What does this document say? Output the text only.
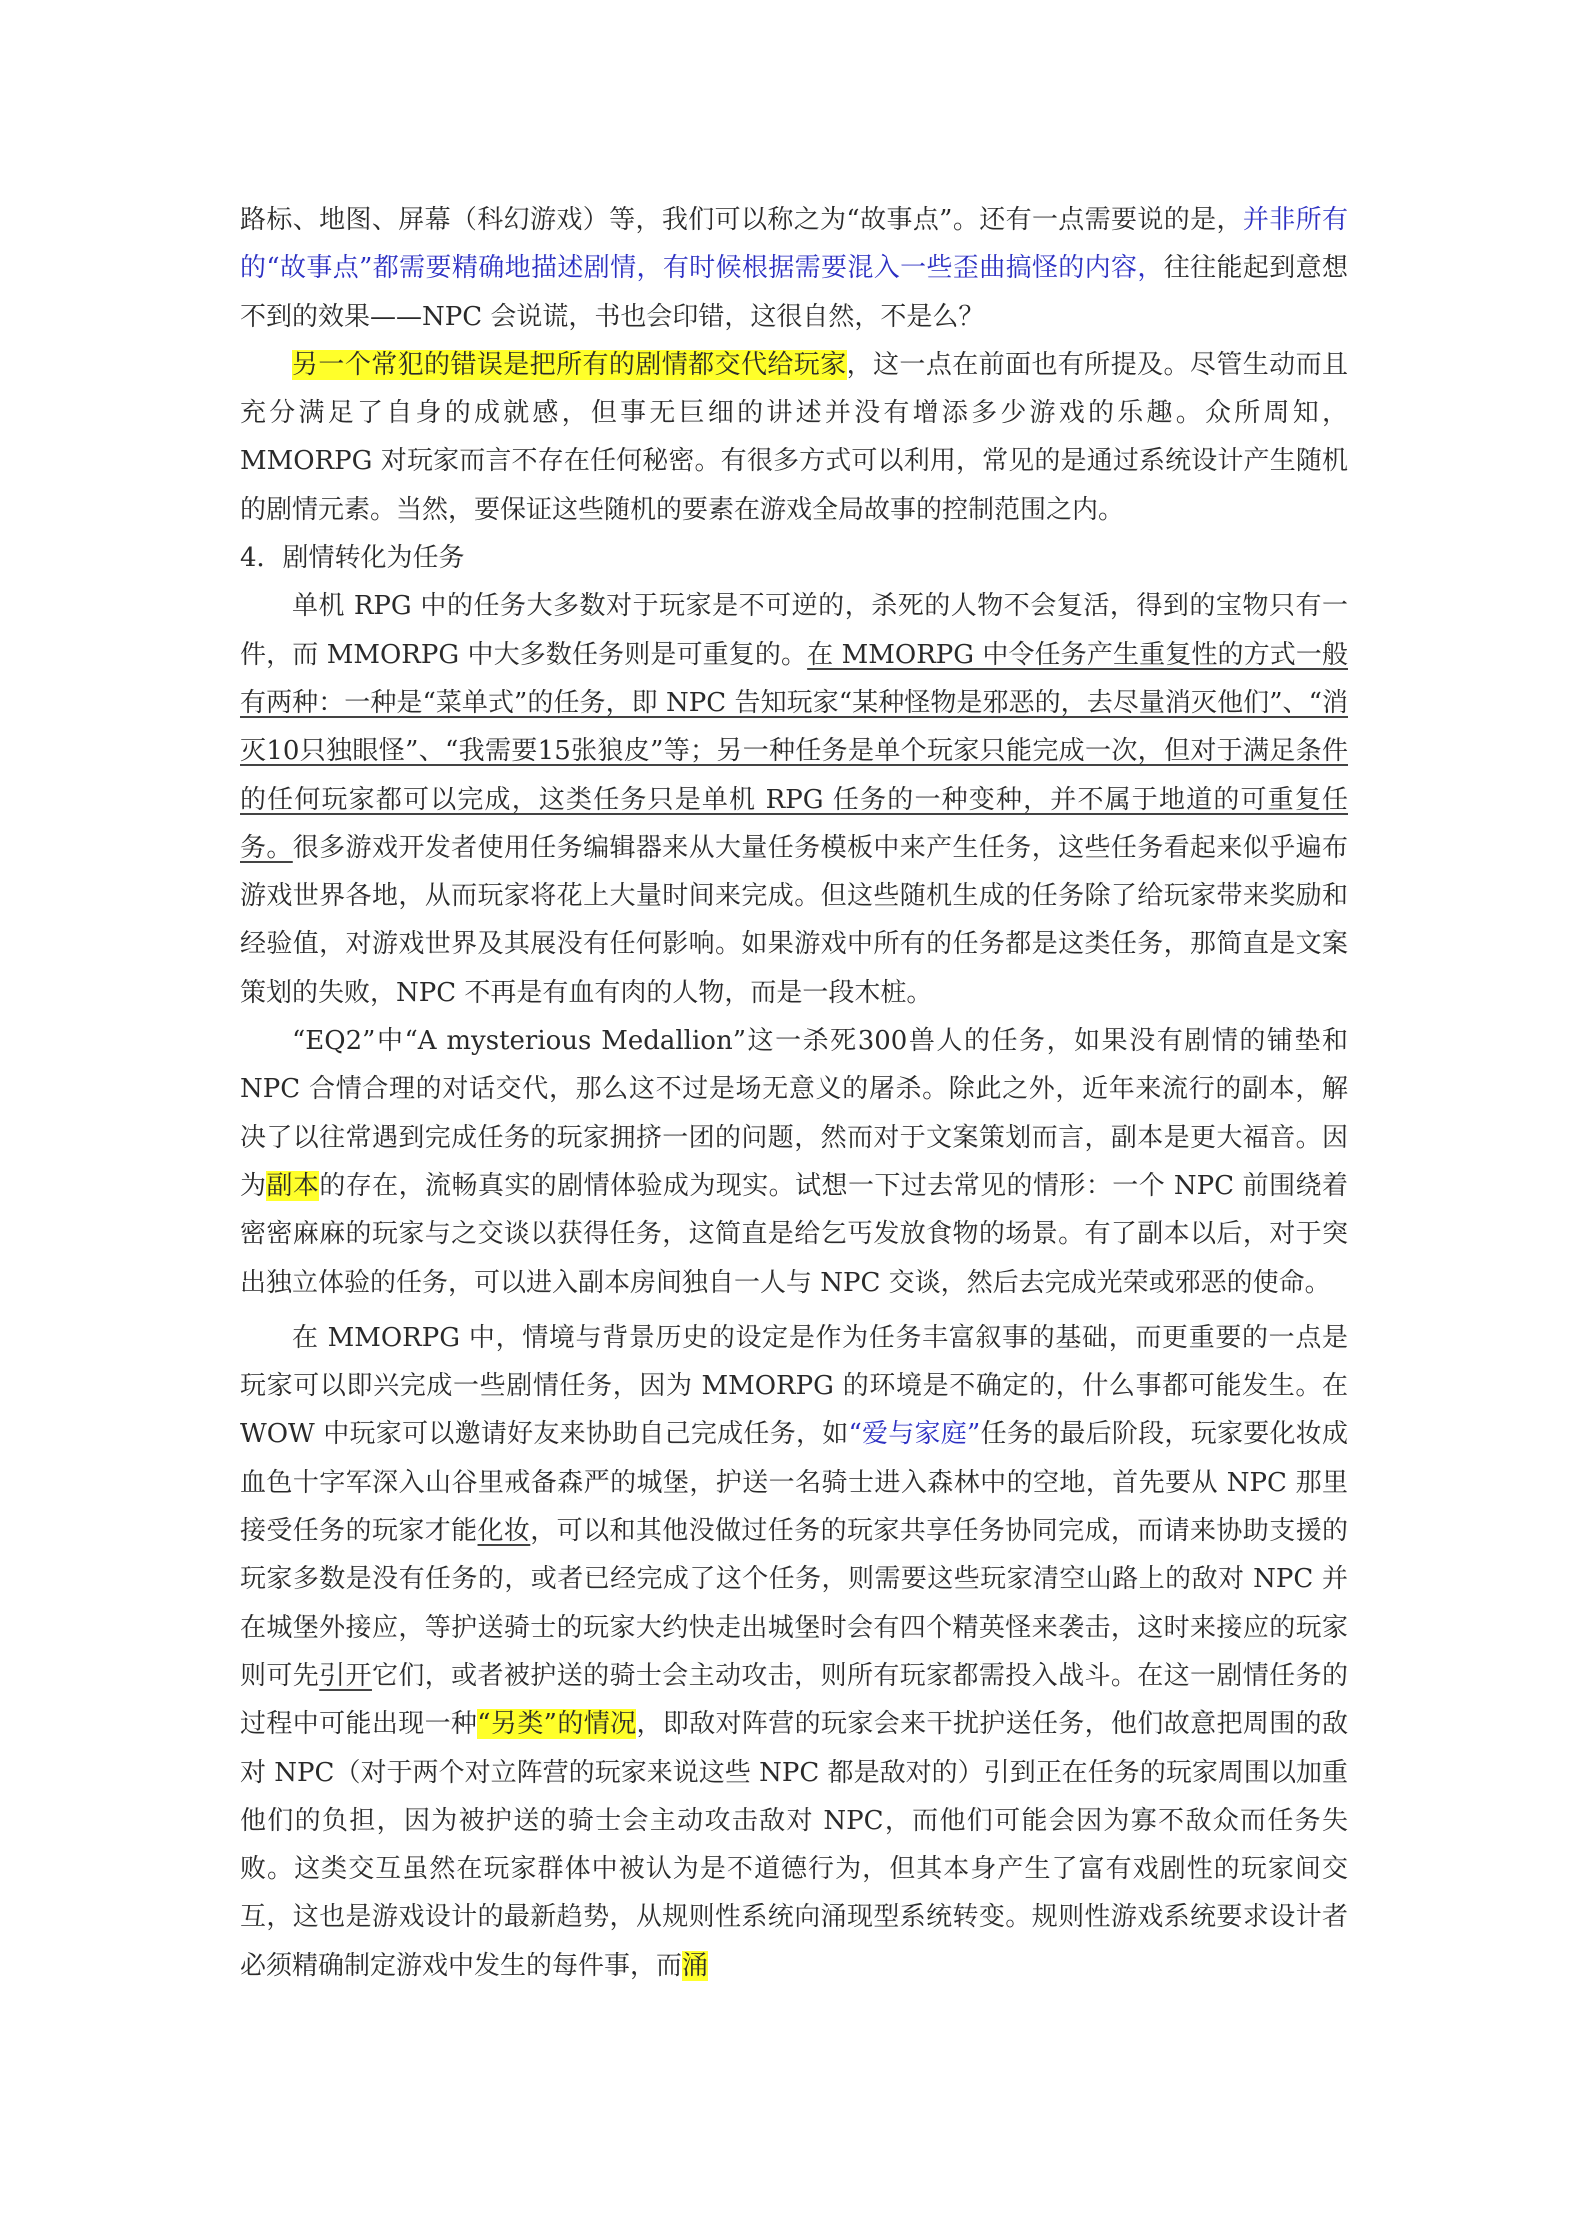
路标、地图、屏幕（科幻游戏）等，我们可以称之为“故事点”。还有一点需要说的是，并非所有的“故事点”都需要精确地描述剧情，有时候根据需要混入一些歪曲搞怪的内容，往往能起到意想不到的效果——NPC 会说谎，书也会印错，这很自然，不是么？

另一个常犯的错误是把所有的剧情都交代给玩家，这一点在前面也有所提及。尽管生动而且充分满足了自身的成就感，但事无巨细的讲述并没有增添多少游戏的乐趣。众所周知，MMORPG 对玩家而言不存在任何秘密。有很多方式可以利用，常见的是通过系统设计产生随机的剧情元素。当然，要保证这些随机的要素在游戏全局故事的控制范围之内。

4．剧情转化为任务

单机 RPG 中的任务大多数对于玩家是不可逆的，杀死的人物不会复活，得到的宝物只有一件，而 MMORPG 中大多数任务则是可重复的。在 MMORPG 中令任务产生重复性的方式一般有两种：一种是“菜单式”的任务，即 NPC 告知玩家“某种怪物是邪恶的，去尽量消灭他们”、“消灭10只独眼怪”、“我需要15张狼皮”等；另一种任务是单个玩家只能完成一次，但对于满足条件的任何玩家都可以完成，这类任务只是单机 RPG 任务的一种变种，并不属于地道的可重复任务。很多游戏开发者使用任务编辑器来从大量任务模板中来产生任务，这些任务看起来似乎遍布游戏世界各地，从而玩家将花上大量时间来完成。但这些随机生成的任务除了给玩家带来奖励和经验值，对游戏世界及其展没有任何影响。如果游戏中所有的任务都是这类任务，那简直是文案策划的失败，NPC 不再是有血有肉的人物，而是一段木桩。

“EQ2”中“A mysterious Medallion”这一杀死300兽人的任务，如果没有剧情的铺垫和 NPC 合情合理的对话交代，那么这不过是场无意义的屠杀。除此之外，近年来流行的副本，解决了以往常遇到完成任务的玩家拥挤一团的问题，然而对于文案策划而言，副本是更大福音。因为副本的存在，流畅真实的剧情体验成为现实。试想一下过去常见的情形：一个 NPC 前围绕着密密麻麻的玩家与之交谈以获得任务，这简直是给乞丐发放食物的场景。有了副本以后，对于突出独立体验的任务，可以进入副本房间独自一人与 NPC 交谈，然后去完成光荣或邪恶的使命。

在 MMORPG 中，情境与背景历史的设定是作为任务丰富叙事的基础，而更重要的一点是玩家可以即兴完成一些剧情任务，因为 MMORPG 的环境是不确定的，什么事都可能发生。在 WOW 中玩家可以邀请好友来协助自己完成任务，如“爱与家庭”任务的最后阶段，玩家要化妆成血色十字军深入山谷里戒备森严的城堡，护送一名骑士进入森林中的空地，首先要从 NPC 那里接受任务的玩家才能化妆，可以和其他没做过任务的玩家共享任务协同完成，而请来协助支援的玩家多数是没有任务的，或者已经完成了这个任务，则需要这些玩家清空山路上的敌对 NPC 并在城堡外接应，等护送骑士的玩家大约快走出城堡时会有四个精英怪来袭击，这时来接应的玩家则可先引开它们，或者被护送的骑士会主动攻击，则所有玩家都需投入战斗。在这一剧情任务的过程中可能出现一种“另类”的情况，即敌对阵营的玩家会来干扰护送任务，他们故意把周围的敌对 NPC（对于两个对立阵营的玩家来说这些 NPC 都是敌对的）引到正在任务的玩家周围以加重他们的负担，因为被护送的骑士会主动攻击敌对 NPC，而他们可能会因为寡不敌众而任务失败。这类交互虽然在玩家群体中被认为是不道德行为，但其本身产生了富有戏剧性的玩家间交互，这也是游戏设计的最新趋势，从规则性系统向涌现型系统转变。规则性游戏系统要求设计者必须精确制定游戏中发生的每件事，而涌
